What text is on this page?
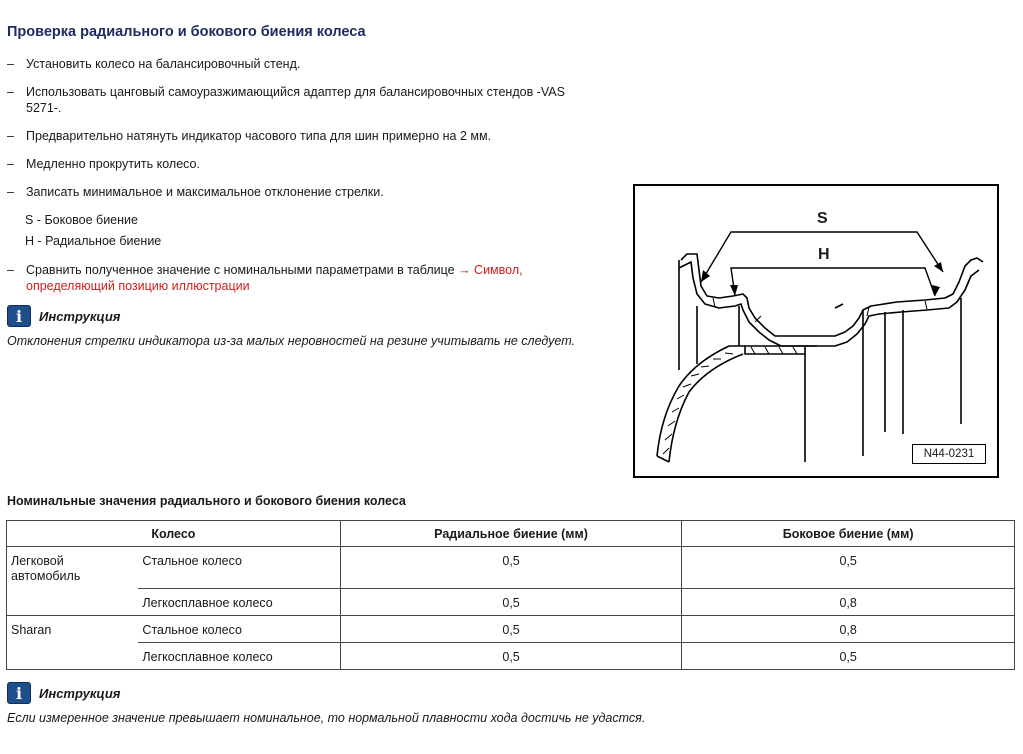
Проверка радиального и бокового биения колеса
– Установить колесо на балансировочный стенд.
– Использовать цанговый самоуразжимающийся адаптер для балансировочных стендов -VAS 5271-.
– Предварительно натянуть индикатор часового типа для шин примерно на 2 мм.
– Медленно прокрутить колесо.
– Записать минимальное и максимальное отклонение стрелки.
S - Боковое биение
H - Радиальное биение
– Сравнить полученное значение с номинальными параметрами в таблице → Символ, определяющий позицию иллюстрации
i	Инструкция
Отклонения стрелки индикатора из-за малых неровностей на резине учитывать не следует.
S
H
N44-0231
Номинальные значения радиального и бокового биения колеса
Колесо		Радиальное биение (мм)	Боковое биение (мм)
Легковой автомобиль	Стальное колесо	0,5	0,5
	Легкосплавное колесо	0,5	0,8
Sharan	Стальное колесо	0,5	0,8
	Легкосплавное колесо	0,5	0,5
i	Инструкция
Если измеренное значение превышает номинальное, то нормальной плавности хода достичь не удастся.
